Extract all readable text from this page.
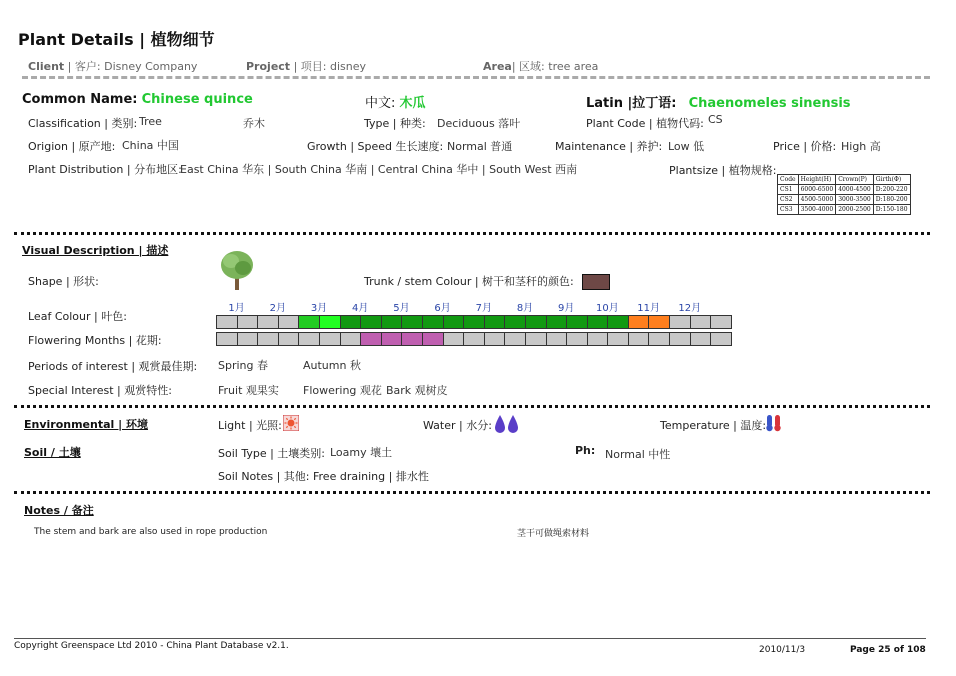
Plant Details | 植物细节
Client | 客户: Disney Company	Project | 项目: disney	Area| 区域: tree area
Common Name: Chinese quince	中文: 木瓜	Latin |拉丁语: Chaenomeles sinensis
Classification | 类别: Tree	乔木	Type | 种类: Deciduous 落叶	Plant Code | 植物代码: CS
Origion | 原产地: China 中国	Growth | Speed 生长速度: Normal 普通	Maintenance | 养护: Low 低	Price | 价格: High 高
Plant Distribution | 分布地区:
East China 华东 | South China 华南 | Central China 华中 | South West 西南	Plantsize | 植物规格:
Code	Height(H)	Crown(P)	Girth(Φ)
CS1	6000-6500	4000-4500	D:200-220
CS2	4500-5000	3000-3500	D:180-200
CS3	3500-4000	2000-2500	D:150-180
Visual Description | 描述
Shape | 形状:	Trunk / stem Colour | 树干和茎秆的颜色:
1月 2月 3月 4月 5月 6月 7月 8月 9月 10月 11月 12月
Leaf Colour | 叶色:
Flowering Months | 花期:
Periods of interest | 观赏最佳期: Spring 春	Autumn 秋
Special Interest | 观赏特性:	Fruit 观果实 Flowering 观花 Bark 观树皮
Environmental | 环境	Light | 光照:	Water | 水分:	Temperature | 温度:
Soil / 土壤	Soil Type | 土壤类别: Loamy 壤土	Ph: Normal 中性
Soil Notes | 其他: Free draining | 排水性
Notes / 备注
The stem and bark are also used in rope production	茎干可做绳索材料
Copyright Greenspace Ltd 2010 - China Plant Database v2.1.	2010/11/3	Page 25 of 108
